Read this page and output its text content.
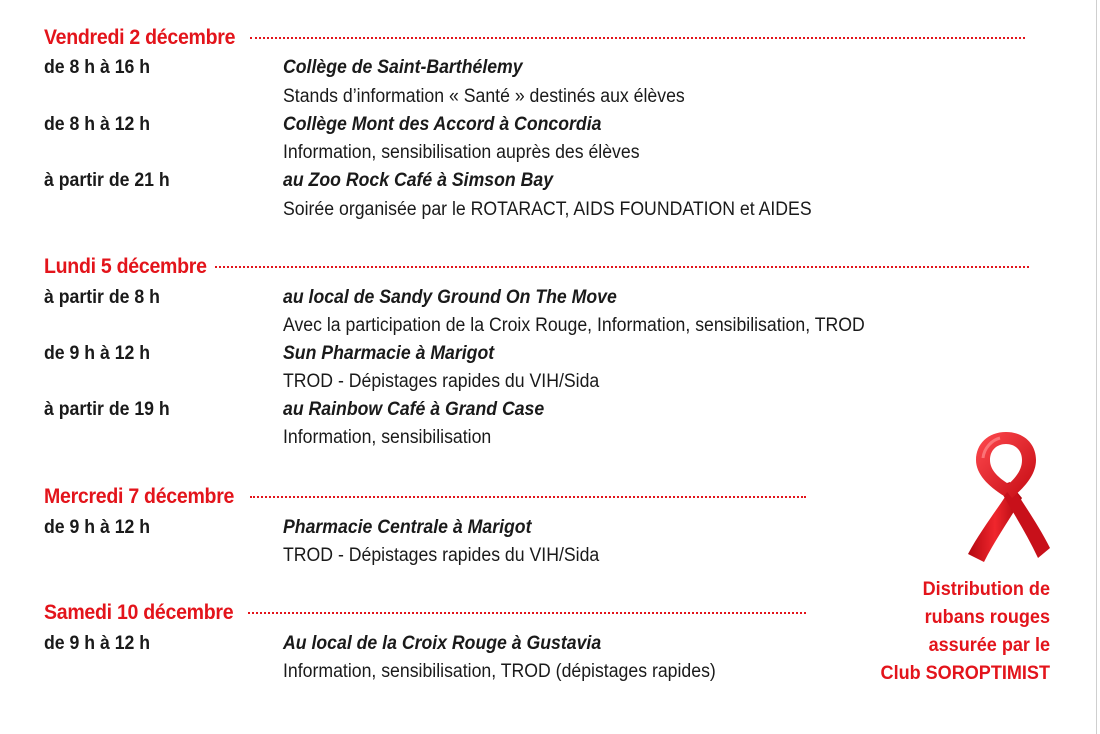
Vendredi 2 décembre
de 8 h à 16 h	Collège de Saint-Barthélemy
Stands d’information « Santé » destinés aux élèves
de 8 h à 12 h	Collège Mont des Accord à Concordia
Information, sensibilisation auprès des élèves
à partir de 21 h	au Zoo Rock Café à Simson Bay
Soirée organisée par le ROTARACT, AIDS FOUNDATION et AIDES
Lundi 5 décembre
à partir de 8 h	au local de Sandy Ground On The Move
Avec la participation de la Croix Rouge, Information, sensibilisation, TROD
de 9 h à 12 h	Sun Pharmacie à Marigot
TROD - Dépistages rapides du VIH/Sida
à partir de 19 h	au Rainbow Café à Grand Case
Information, sensibilisation
Mercredi 7 décembre
de 9 h à 12 h	Pharmacie Centrale à Marigot
TROD - Dépistages rapides du VIH/Sida
Samedi 10 décembre
de 9 h à 12 h	Au local de la Croix Rouge à Gustavia
Information, sensibilisation, TROD (dépistages rapides)
Distribution de
rubans rouges
assurée par le
Club SOROPTIMIST
